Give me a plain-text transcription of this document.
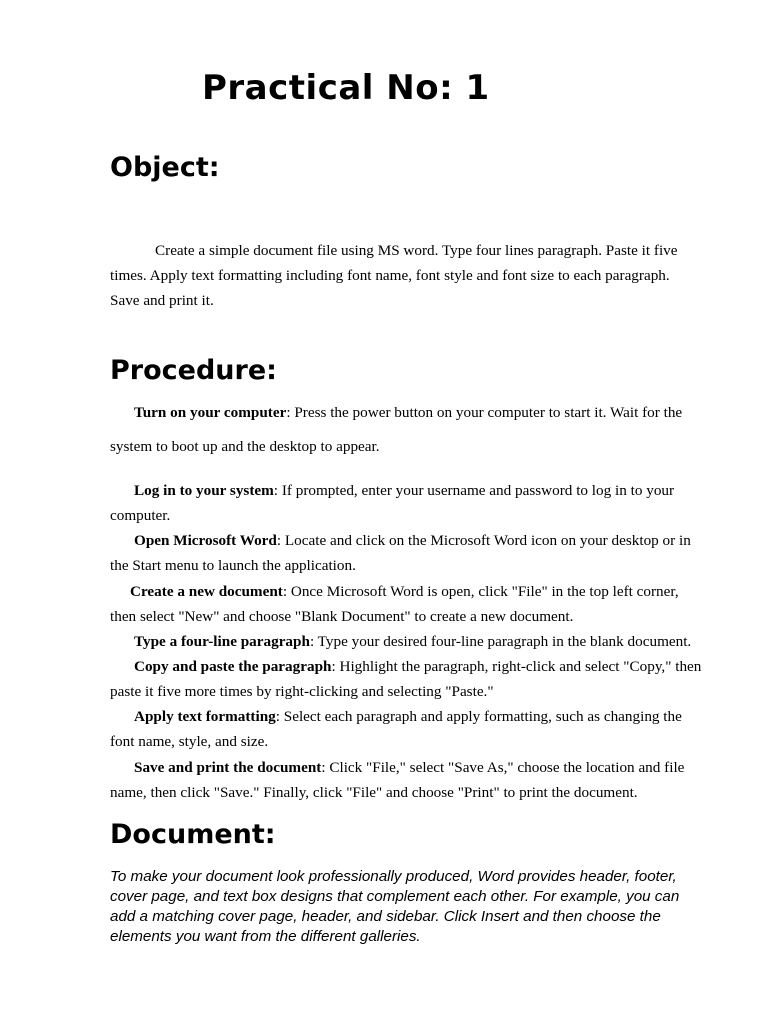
Practical No: 1
Object:
Create a simple document file using MS word. Type four lines paragraph. Paste it five
times. Apply text formatting including font name, font style and font size to each paragraph.
Save and print it.
Procedure:
Turn on your computer: Press the power button on your computer to start it. Wait for the
system to boot up and the desktop to appear.
Log in to your system: If prompted, enter your username and password to log in to your
computer.
Open Microsoft Word: Locate and click on the Microsoft Word icon on your desktop or in
the Start menu to launch the application.
Create a new document: Once Microsoft Word is open, click "File" in the top left corner,
then select "New" and choose "Blank Document" to create a new document.
Type a four-line paragraph: Type your desired four-line paragraph in the blank document.
Copy and paste the paragraph: Highlight the paragraph, right-click and select "Copy," then
paste it five more times by right-clicking and selecting "Paste."
Apply text formatting: Select each paragraph and apply formatting, such as changing the
font name, style, and size.
Save and print the document: Click "File," select "Save As," choose the location and file
name, then click "Save." Finally, click "File" and choose "Print" to print the document.
Document:
To make your document look professionally produced, Word provides header, footer,
cover page, and text box designs that complement each other. For example, you can
add a matching cover page, header, and sidebar. Click Insert and then choose the
elements you want from the different galleries.
